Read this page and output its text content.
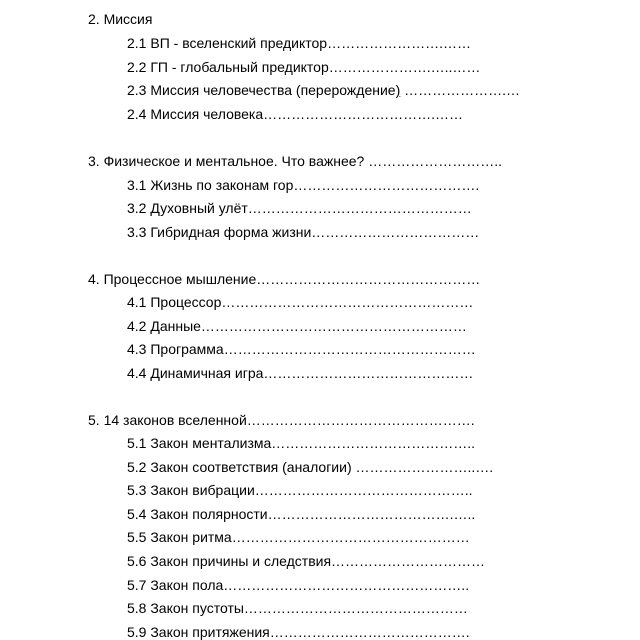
2. Миссия
2.1 ВП - вселенский предиктор…………………….……
2.2 ГП - глобальный предиктор………………….…..……
2.3 Миссия человечества (перерождение) ………………….…
2.4 Миссия человека……………………………….……
3. Физическое и ментальное. Что важнее? ………………………..
3.1 Жизнь по законам гор………………………………….
3.2 Духовный улёт…………………………………………
3.3 Гибридная форма жизни………………………………
4. Процессное мышление…………………………………………
4.1 Процессор………………………………………………
4.2 Данные…………………………………………………
4.3 Программа………………………………………………
4.4 Динамичная игра………………………………………
5. 14 законов вселенной………………………………………….
5.1 Закон ментализма……………………………………..
5.2 Закон соответствия (аналогии) ……………………..….
5.3 Закон вибрации………………………………………..
5.4 Закон полярности………………………………….…..
5.5 Закон ритма……………………………………………
5.6 Закон причины и следствия……………………………
5.7 Закон пола……………………………………………..
5.8 Закон пустоты…………………………………………
5.9 Закон притяжения…………………………………….
